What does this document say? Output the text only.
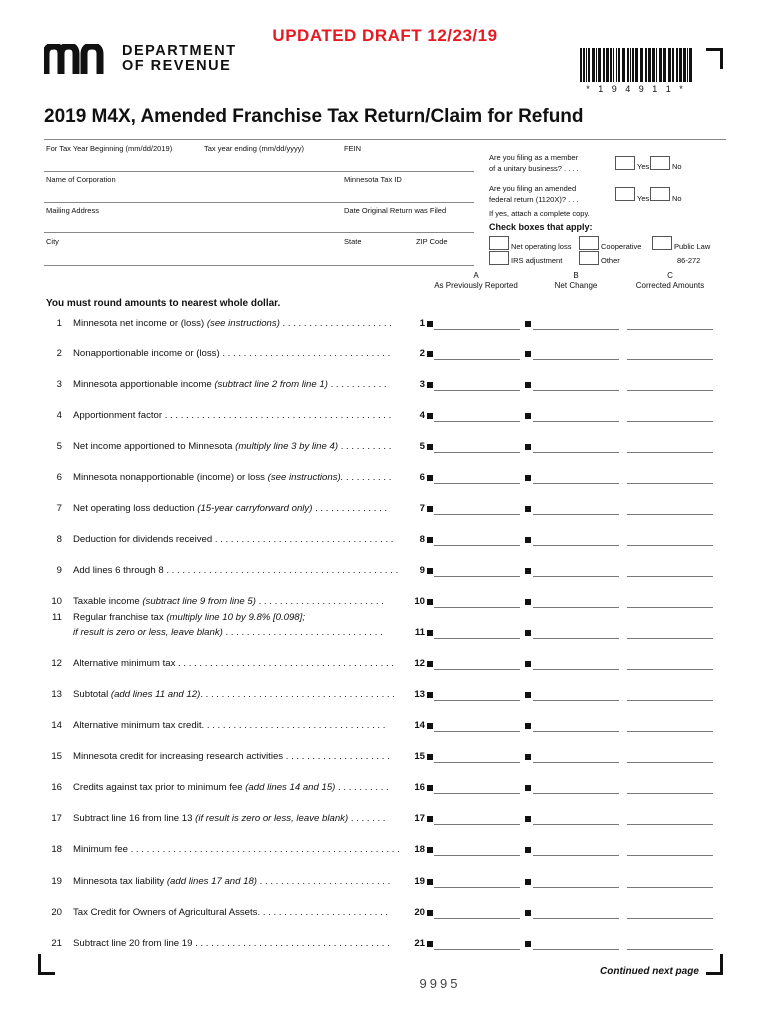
UPDATED DRAFT 12/23/19
DEPARTMENT
OF REVENUE
* 1 9 4 9 1 1 *
2019 M4X, Amended Franchise Tax Return/Claim for Refund
For Tax Year Beginning (mm/dd/2019)	Tax year ending (mm/dd/yyyy)	FEIN
Name of Corporation	Minnesota Tax ID
Mailing Address	Date Original Return was Filed
City	State	ZIP Code
Are you filing as a member
of a unitary business? . . . .	Yes	No
Are you filing an amended
federal return (1120X)? . . .	Yes	No
If yes, attach a complete copy.
Check boxes that apply:
Net operating loss	Cooperative	Public Law
IRS adjustment	Other	86-272
A
As Previously Reported
B
Net Change
C
Corrected Amounts
You must round amounts to nearest whole dollar.
1 Minnesota net income or (loss) (see instructions) . . . . . . . . . . . . . . . . . . . . .	1
2 Nonapportionable income or (loss) . . . . . . . . . . . . . . . . . . . . . . . . . . . . . . . .	2
3 Minnesota apportionable income (subtract line 2 from line 1) . . . . . . . . . . .	3
4 Apportionment factor . . . . . . . . . . . . . . . . . . . . . . . . . . . . . . . . . . . . . . . . . . .	4
5 Net income apportioned to Minnesota (multiply line 3 by line 4) . . . . . . . . . .	5
6 Minnesota nonapportionable (income) or loss (see instructions). . . . . . . . . .	6
7 Net operating loss deduction (15-year carryforward only) . . . . . . . . . . . . . .	7
8 Deduction for dividends received . . . . . . . . . . . . . . . . . . . . . . . . . . . . . . . . . .	8
9 Add lines 6 through 8 . . . . . . . . . . . . . . . . . . . . . . . . . . . . . . . . . . . . . . . . . . . .	9
10 Taxable income (subtract line 9 from line 5) . . . . . . . . . . . . . . . . . . . . . . . .	10
11 Regular franchise tax (multiply line 10 by 9.8% [0.098];
if result is zero or less, leave blank) . . . . . . . . . . . . . . . . . . . . . . . . . . . . . .	11
12 Alternative minimum tax . . . . . . . . . . . . . . . . . . . . . . . . . . . . . . . . . . . . . . . . .	12
13 Subtotal (add lines 11 and 12). . . . . . . . . . . . . . . . . . . . . . . . . . . . . . . . . . . . .	13
14 Alternative minimum tax credit. . . . . . . . . . . . . . . . . . . . . . . . . . . . . . . . . . .	14
15 Minnesota credit for increasing research activities . . . . . . . . . . . . . . . . . . . .	15
16 Credits against tax prior to minimum fee (add lines 14 and 15) . . . . . . . . . .	16
17 Subtract line 16 from line 13 (if result is zero or less, leave blank) . . . . . . .	17
18 Minimum fee . . . . . . . . . . . . . . . . . . . . . . . . . . . . . . . . . . . . . . . . . . . . . . . . . . .	18
19 Minnesota tax liability (add lines 17 and 18) . . . . . . . . . . . . . . . . . . . . . . . . .	19
20 Tax Credit for Owners of Agricultural Assets. . . . . . . . . . . . . . . . . . . . . . . . .	20
21 Subtract line 20 from line 19 . . . . . . . . . . . . . . . . . . . . . . . . . . . . . . . . . . . . .	21
Continued next page
9995
